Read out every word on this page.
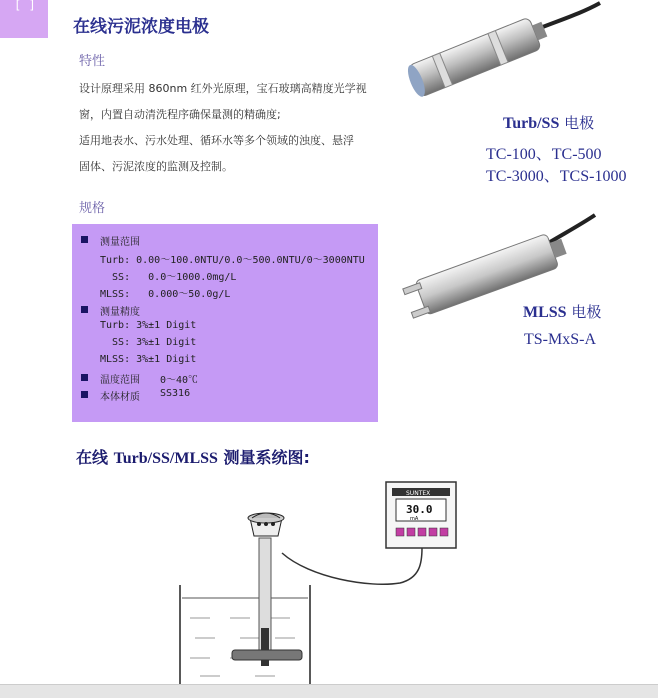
[ ]
在线污泥浓度电极
特性
设计原理采用 860nm 红外光原理，宝石玻璃高精度光学视
窗，内置自动清洗程序确保量测的精确度;
适用地表水、污水处理、循环水等多个领域的浊度、悬浮
固体、污泥浓度的监测及控制。
规格
测量范围
Turb: 0.00～100.0NTU/0.0～500.0NTU/0～3000NTU
SS:   0.0～1000.0mg/L
MLSS:   0.000～50.0g/L
测量精度
Turb: 3%±1 Digit
SS: 3%±1 Digit
MLSS: 3%±1 Digit
温度范围 0～40℃
本体材质 SS316
Turb/SS 电极
TC-100、TC-500
TC-3000、TCS-1000
MLSS 电极
TS-MxS-A
在线 Turb/SS/MLSS 测量系统图:
SUNTEX
30.0
mA
